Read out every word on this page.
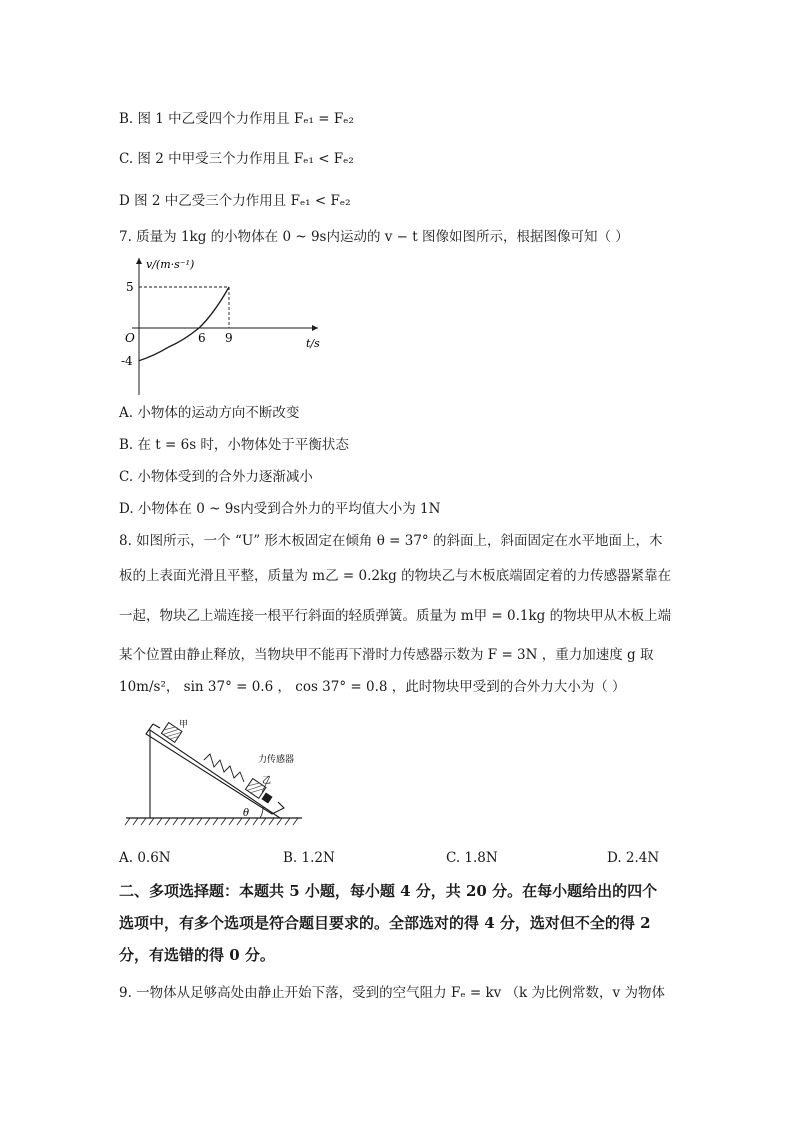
B. 图 1 中乙受四个力作用且 Fₑ₁ = Fₑ₂
C. 图 2 中甲受三个力作用且 Fₑ₁ < Fₑ₂
D 图 2 中乙受三个力作用且 Fₑ₁ < Fₑ₂
7. 质量为 1kg 的小物体在 0 ~ 9s内运动的 v − t 图像如图所示，根据图像可知（ ）
v/(m·s⁻¹)
O
5
-4
6 9	t/s
A. 小物体的运动方向不断改变
B. 在 t = 6s 时，小物体处于平衡状态
C. 小物体受到的合外力逐渐减小
D. 小物体在 0 ~ 9s内受到合外力的平均值大小为 1N
8. 如图所示，一个 “U” 形木板固定在倾角 θ = 37° 的斜面上，斜面固定在水平地面上，木
板的上表面光滑且平整，质量为 m乙 = 0.2kg 的物块乙与木板底端固定着的力传感器紧靠在
一起，物块乙上端连接一根平行斜面的轻质弹簧。质量为 m甲 = 0.1kg 的物块甲从木板上端
某个位置由静止释放，当物块甲不能再下滑时力传感器示数为 F = 3N ，重力加速度 g 取
10m/s²， sin 37° = 0.6 ， cos 37° = 0.8 ，此时物块甲受到的合外力大小为（ ）
甲
乙
力传感器
θ
A. 0.6N	B. 1.2N	C. 1.8N	D. 2.4N
二、多项选择题：本题共 5 小题，每小题 4 分，共 20 分。在每小题给出的四个
选项中，有多个选项是符合题目要求的。全部选对的得 4 分，选对但不全的得 2
分，有选错的得 0 分。
9. 一物体从足够高处由静止开始下落，受到的空气阻力 Fₑ = kv （k 为比例常数，v 为物体
